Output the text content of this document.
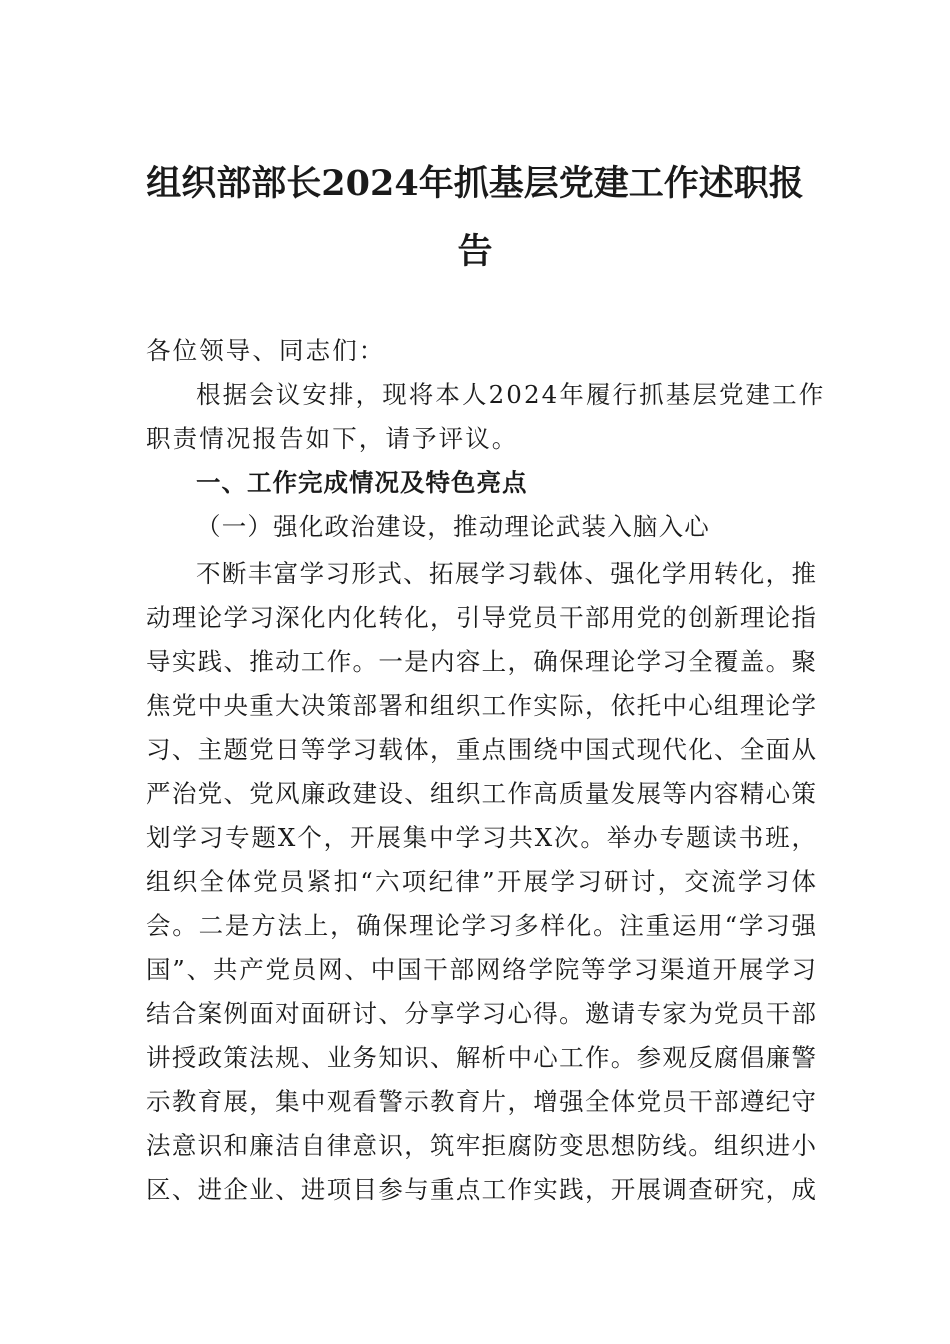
组织部部长2024年抓基层党建工作述职报
告
各位领导、同志们：
根据会议安排，现将本人2024年履行抓基层党建工作
职责情况报告如下，请予评议。
一、工作完成情况及特色亮点
（一）强化政治建设，推动理论武装入脑入心
不断丰富学习形式、拓展学习载体、强化学用转化，推
动理论学习深化内化转化，引导党员干部用党的创新理论指
导实践、推动工作。一是内容上，确保理论学习全覆盖。聚
焦党中央重大决策部署和组织工作实际，依托中心组理论学
习、主题党日等学习载体，重点围绕中国式现代化、全面从
严治党、党风廉政建设、组织工作高质量发展等内容精心策
划学习专题X个，开展集中学习共X次。举办专题读书班，
组织全体党员紧扣“六项纪律”开展学习研讨，交流学习体
会。二是方法上，确保理论学习多样化。注重运用“学习强
国”、共产党员网、中国干部网络学院等学习渠道开展学习
结合案例面对面研讨、分享学习心得。邀请专家为党员干部
讲授政策法规、业务知识、解析中心工作。参观反腐倡廉警
示教育展，集中观看警示教育片，增强全体党员干部遵纪守
法意识和廉洁自律意识，筑牢拒腐防变思想防线。组织进小
区、进企业、进项目参与重点工作实践，开展调查研究，成
